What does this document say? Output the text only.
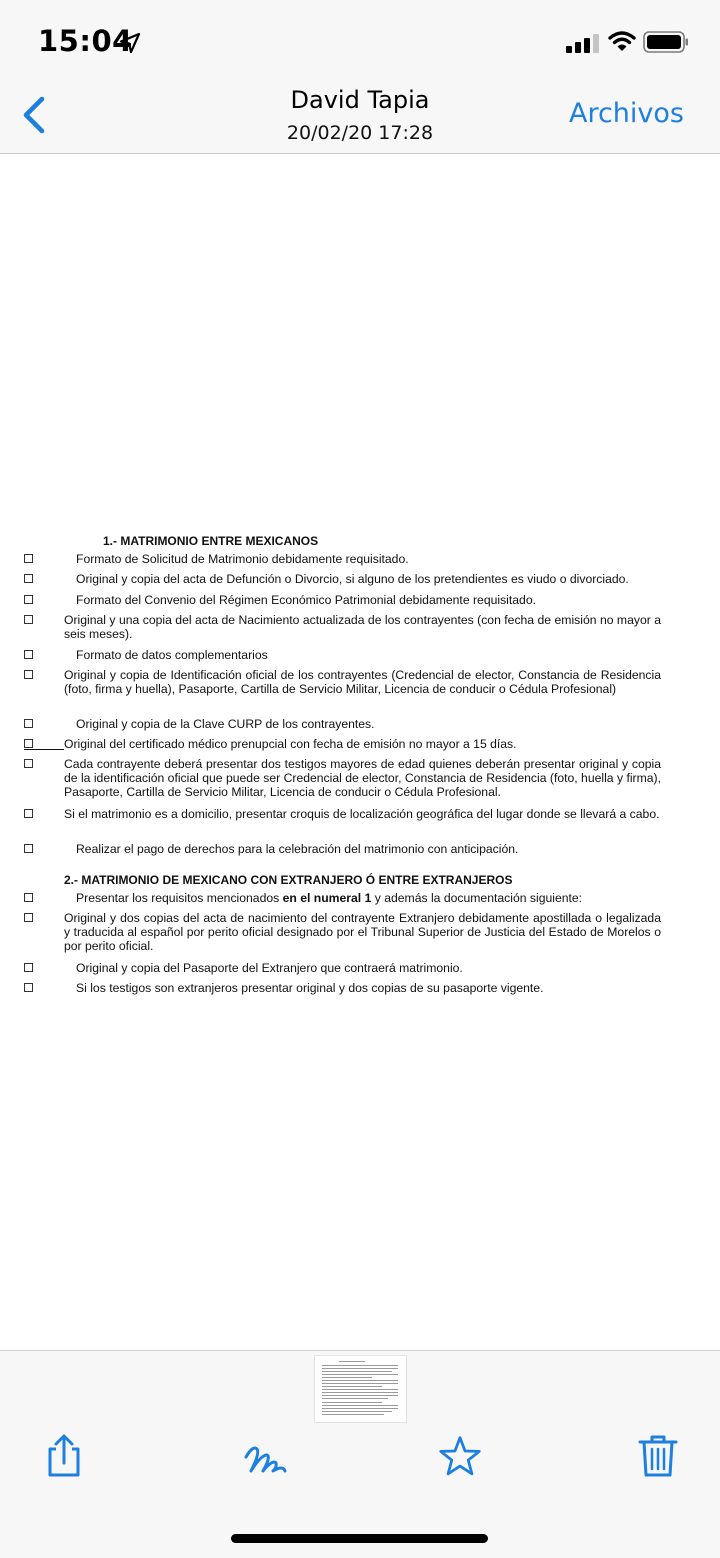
15:04
David Tapia
20/02/20 17:28
Archivos
1.- MATRIMONIO ENTRE MEXICANOS
Formato de Solicitud de Matrimonio debidamente requisitado.
Original y copia del acta de Defunción o Divorcio, si alguno de los pretendientes es viudo o divorciado.
Formato del Convenio del Régimen Económico Patrimonial debidamente requisitado.
Original y una copia del acta de Nacimiento actualizada de los contrayentes (con fecha de emisión no mayor a seis meses).
Formato de datos complementarios
Original y copia de Identificación oficial de los contrayentes (Credencial de elector, Constancia de Residencia (foto, firma y huella), Pasaporte, Cartilla de Servicio Militar, Licencia de conducir o Cédula Profesional)
Original y copia de la Clave CURP de los contrayentes.
Original del certificado médico prenupcial con fecha de emisión no mayor a 15 días.
Cada contrayente deberá presentar dos testigos mayores de edad quienes deberán presentar original y copia de la identificación oficial que puede ser Credencial de elector, Constancia de Residencia (foto, huella y firma), Pasaporte, Cartilla de Servicio Militar, Licencia de conducir o Cédula Profesional.
Si el matrimonio es a domicilio, presentar croquis de localización geográfica del lugar donde se llevará a cabo.
Realizar el pago de derechos para la celebración del matrimonio con anticipación.
2.- MATRIMONIO DE MEXICANO CON EXTRANJERO Ó ENTRE EXTRANJEROS
Presentar los requisitos mencionados en el numeral 1 y además la documentación siguiente:
Original y dos copias del acta de nacimiento del contrayente Extranjero debidamente apostillada o legalizada y traducida al español por perito oficial designado por el Tribunal Superior de Justicia del Estado de Morelos o por perito oficial.
Original y copia del Pasaporte del Extranjero que contraerá matrimonio.
Si los testigos son extranjeros presentar original y dos copias de su pasaporte vigente.
